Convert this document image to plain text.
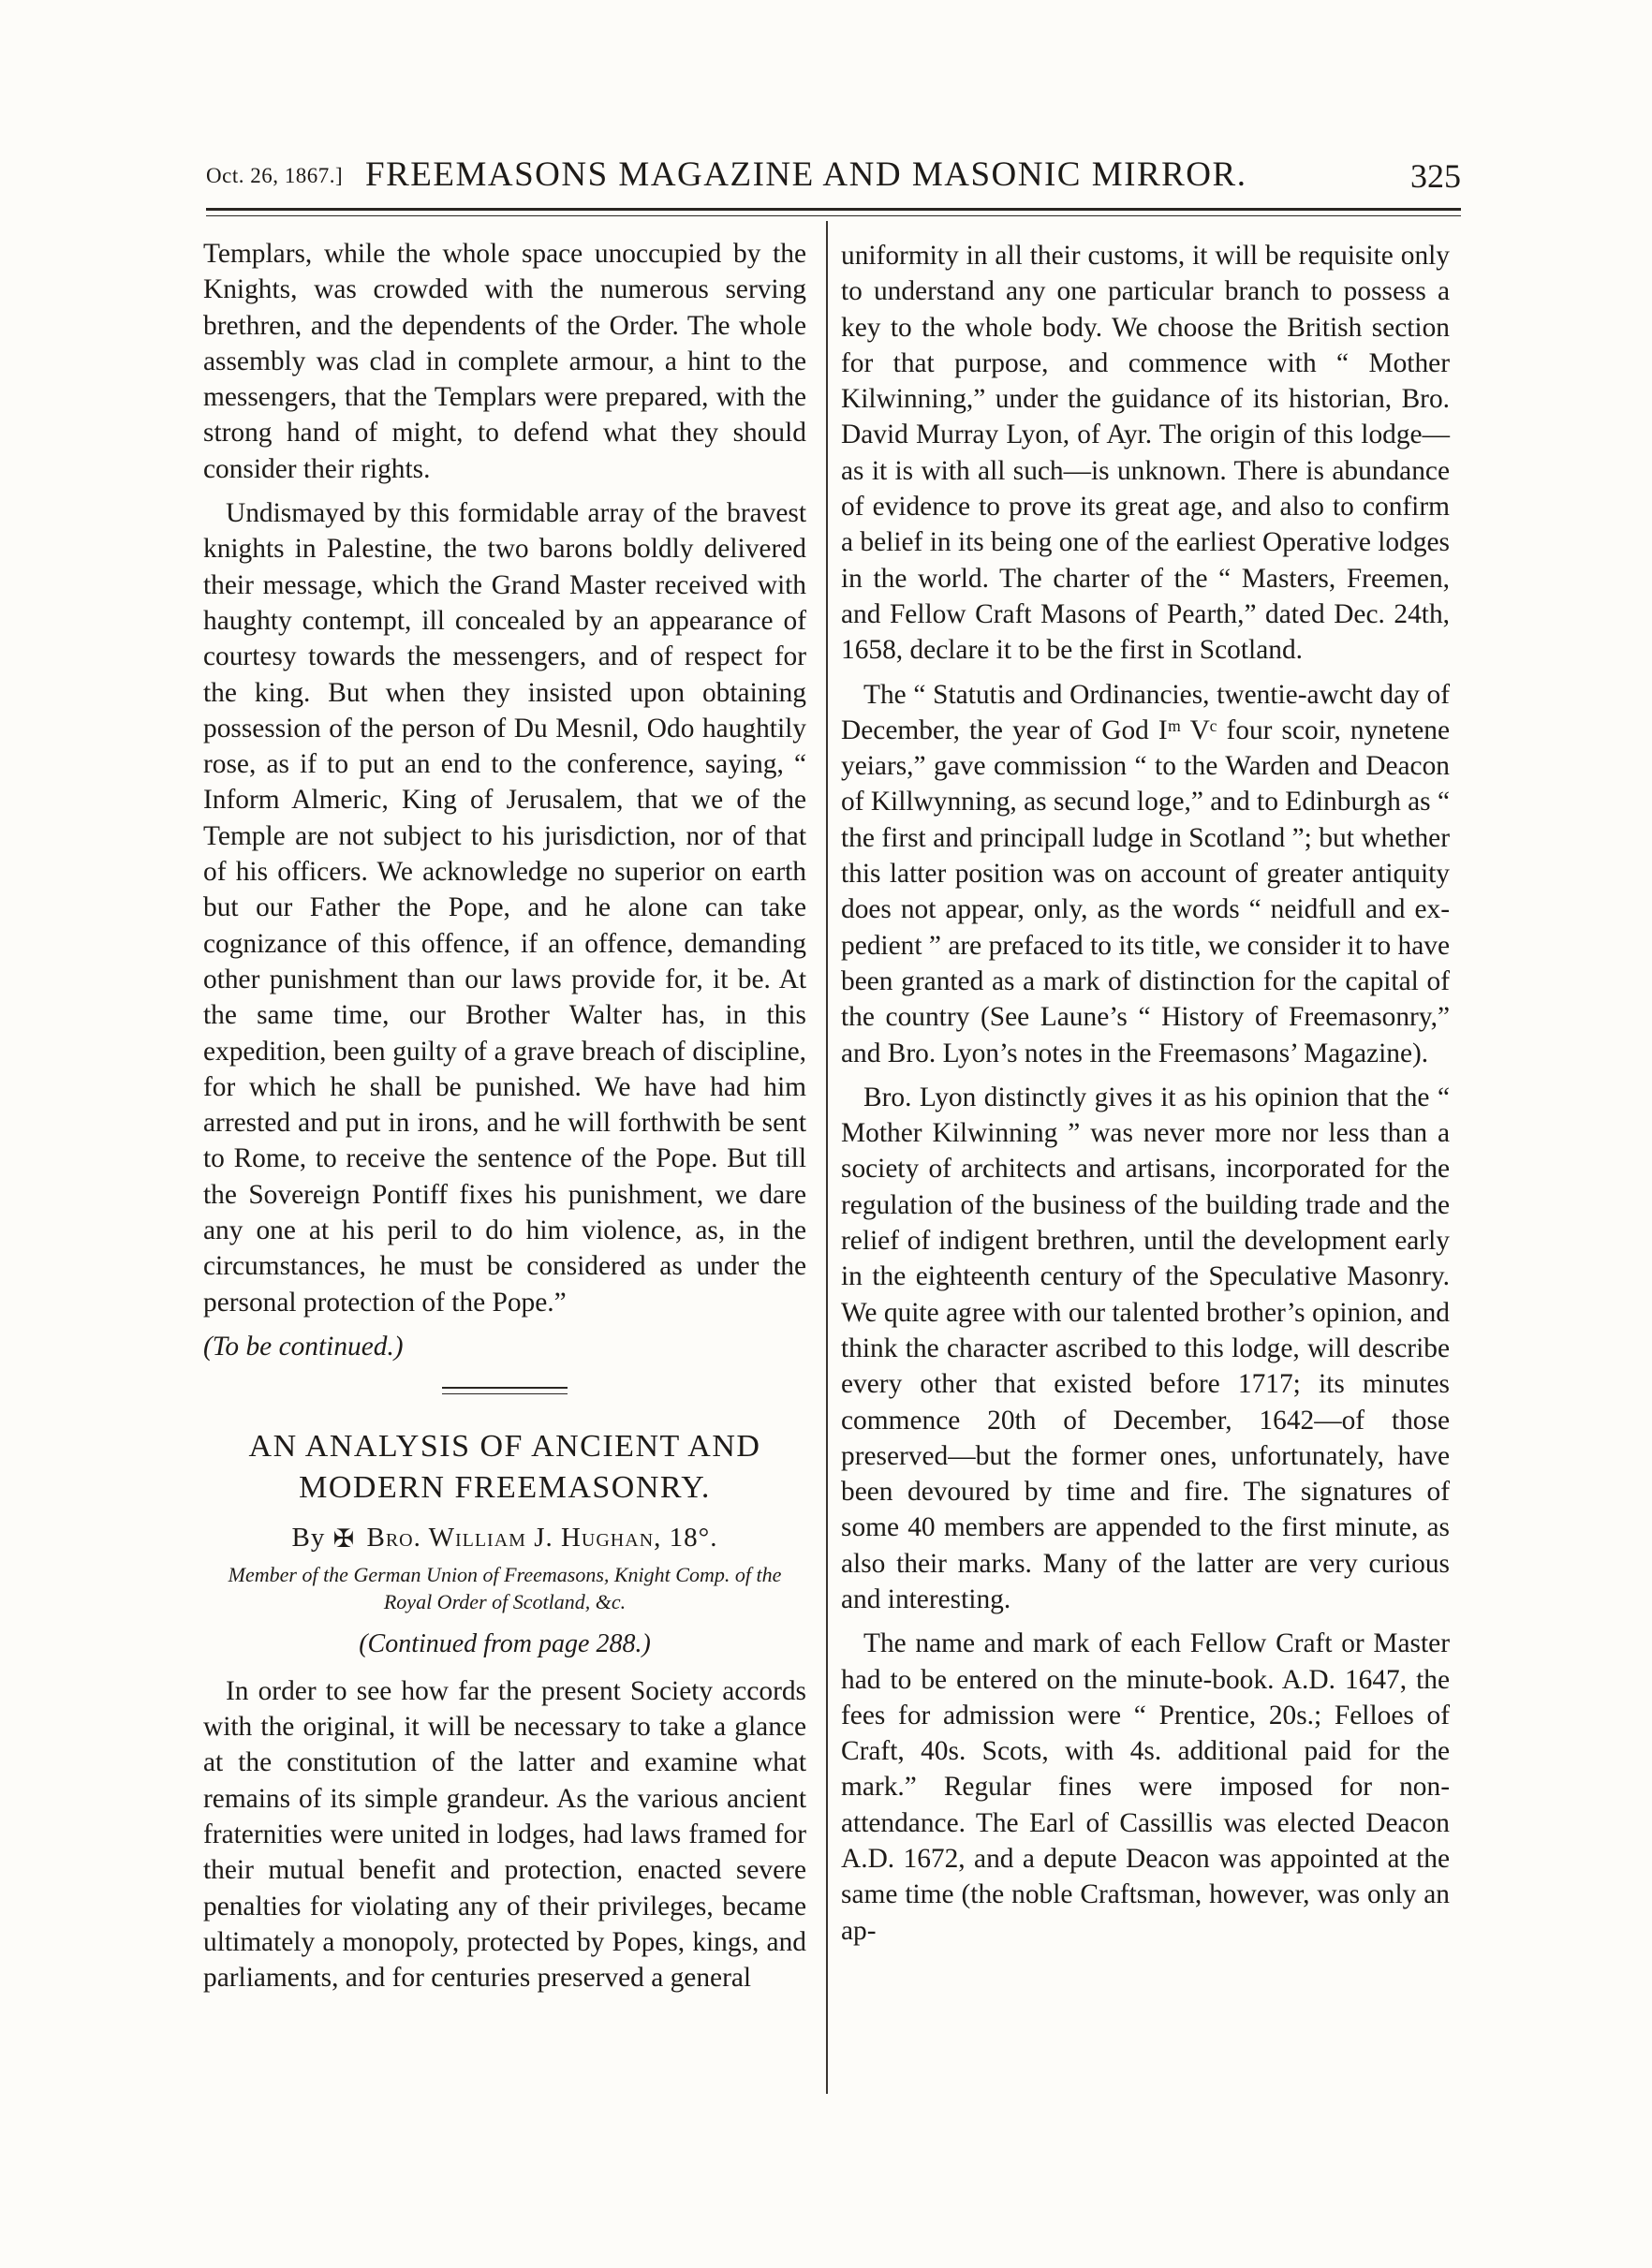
Oct. 26, 1867.] FREEMASONS MAGAZINE AND MASONIC MIRROR.	325

Templars, while the whole space unoccupied by the Knights, was crowded with the numerous serving brethren, and the dependents of the Order. The whole assembly was clad in complete armour, a hint to the messengers, that the Templars were prepared, with the strong hand of might, to defend what they should consider their rights.

Undismayed by this formidable array of the bravest knights in Palestine, the two barons boldly delivered their message, which the Grand Master received with haughty contempt, ill concealed by an appearance of courtesy towards the messengers, and of respect for the king. But when they insisted upon obtaining possession of the person of Du Mesnil, Odo haughtily rose, as if to put an end to the conference, saying, “ Inform Almeric, King of Jerusalem, that we of the Temple are not subject to his jurisdiction, nor of that of his officers. We acknowledge no superior on earth but our Father the Pope, and he alone can take cognizance of this offence, if an offence, demanding other punishment than our laws provide for, it be. At the same time, our Brother Walter has, in this expedition, been guilty of a grave breach of discipline, for which he shall be punished. We have had him arrested and put in irons, and he will forthwith be sent to Rome, to receive the sentence of the Pope. But till the Sovereign Pontiff fixes his punishment, we dare any one at his peril to do him violence, as, in the circumstances, he must be considered as under the personal protection of the Pope.”

(To be continued.)

AN ANALYSIS OF ANCIENT AND MODERN FREEMASONRY.
By ✠ Bro. William J. Hughan, 18°.
Member of the German Union of Freemasons, Knight Comp. of the Royal Order of Scotland, &c.
(Continued from page 288.)

In order to see how far the present Society accords with the original, it will be necessary to take a glance at the constitution of the latter and examine what remains of its simple grandeur. As the various ancient fraternities were united in lodges, had laws framed for their mutual benefit and protection, enacted severe penalties for violating any of their privileges, became ultimately a monopoly, protected by Popes, kings, and parliaments, and for centuries preserved a general

uniformity in all their customs, it will be requisite only to understand any one particular branch to possess a key to the whole body. We choose the British section for that purpose, and commence with “ Mother Kilwinning,” under the guidance of its historian, Bro. David Murray Lyon, of Ayr. The origin of this lodge—as it is with all such—is unknown. There is abundance of evidence to prove its great age, and also to confirm a belief in its being one of the earliest Operative lodges in the world. The charter of the “ Masters, Freemen, and Fellow Craft Masons of Pearth,” dated Dec. 24th, 1658, declare it to be the first in Scotland.

The “ Statutis and Ordinancies, twentie-awcht day of December, the year of God Iᵐ Vᶜ four scoir, nynetene yeiars,” gave commission “ to the Warden and Deacon of Killwynning, as secund loge,” and to Edinburgh as “ the first and principall ludge in Scotland ”; but whether this latter position was on account of greater antiquity does not appear, only, as the words “ neidfull and expedient ” are prefaced to its title, we consider it to have been granted as a mark of distinction for the capital of the country (See Laune’s “ History of Freemasonry,” and Bro. Lyon’s notes in the Freemasons’ Magazine).

Bro. Lyon distinctly gives it as his opinion that the “ Mother Kilwinning ” was never more nor less than a society of architects and artisans, incorporated for the regulation of the business of the building trade and the relief of indigent brethren, until the development early in the eighteenth century of the Speculative Masonry. We quite agree with our talented brother’s opinion, and think the character ascribed to this lodge, will describe every other that existed before 1717; its minutes commence 20th of December, 1642—of those preserved—but the former ones, unfortunately, have been devoured by time and fire. The signatures of some 40 members are appended to the first minute, as also their marks. Many of the latter are very curious and interesting.

The name and mark of each Fellow Craft or Master had to be entered on the minute-book. A.D. 1647, the fees for admission were “ Prentice, 20s.; Felloes of Craft, 40s. Scots, with 4s. additional paid for the mark.” Regular fines were imposed for non-attendance. The Earl of Cassillis was elected Deacon A.D. 1672, and a depute Deacon was appointed at the same time (the noble Craftsman, however, was only an ap-
